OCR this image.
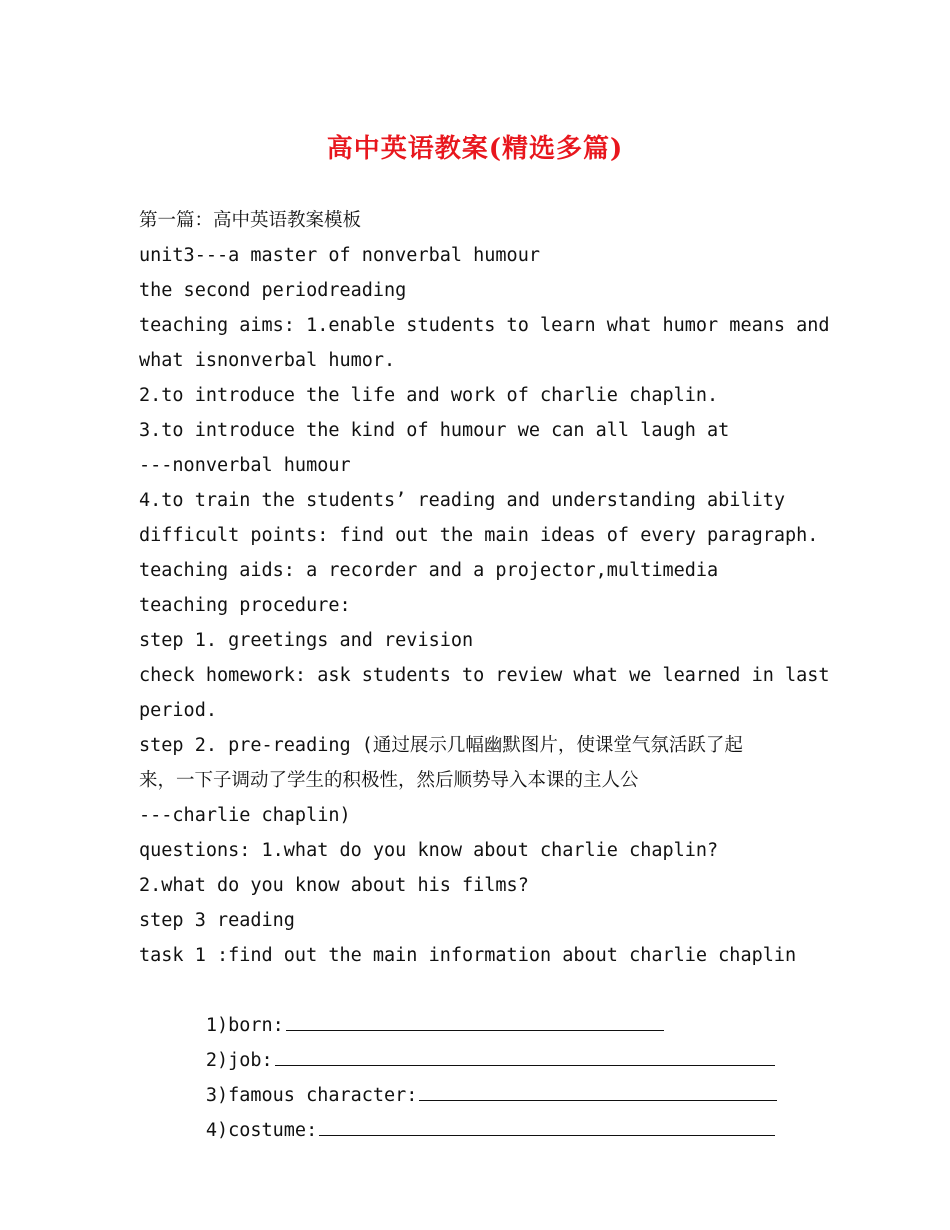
高中英语教案(精选多篇)
第一篇：高中英语教案模板
unit3---a master of nonverbal humour
the second periodreading
teaching aims: 1.enable students to learn what humor means and
what isnonverbal humor.
2.to introduce the life and work of charlie chaplin.
3.to introduce the kind of humour we can all laugh at
---nonverbal humour
4.to train the students’ reading and understanding ability
difficult points: find out the main ideas of every paragraph.
teaching aids: a recorder and a projector,multimedia
teaching procedure:
step 1. greetings and revision
check homework: ask students to review what we learned in last
period.
step 2. pre-reading (通过展示几幅幽默图片，使课堂气氛活跃了起
来，一下子调动了学生的积极性，然后顺势导入本课的主人公
---charlie chaplin)
questions: 1.what do you know about charlie chaplin?
2.what do you know about his films?
step 3 reading
task 1 :find out the main information about charlie chaplin

1)born:

2)job:

3)famous character:

4)costume:
